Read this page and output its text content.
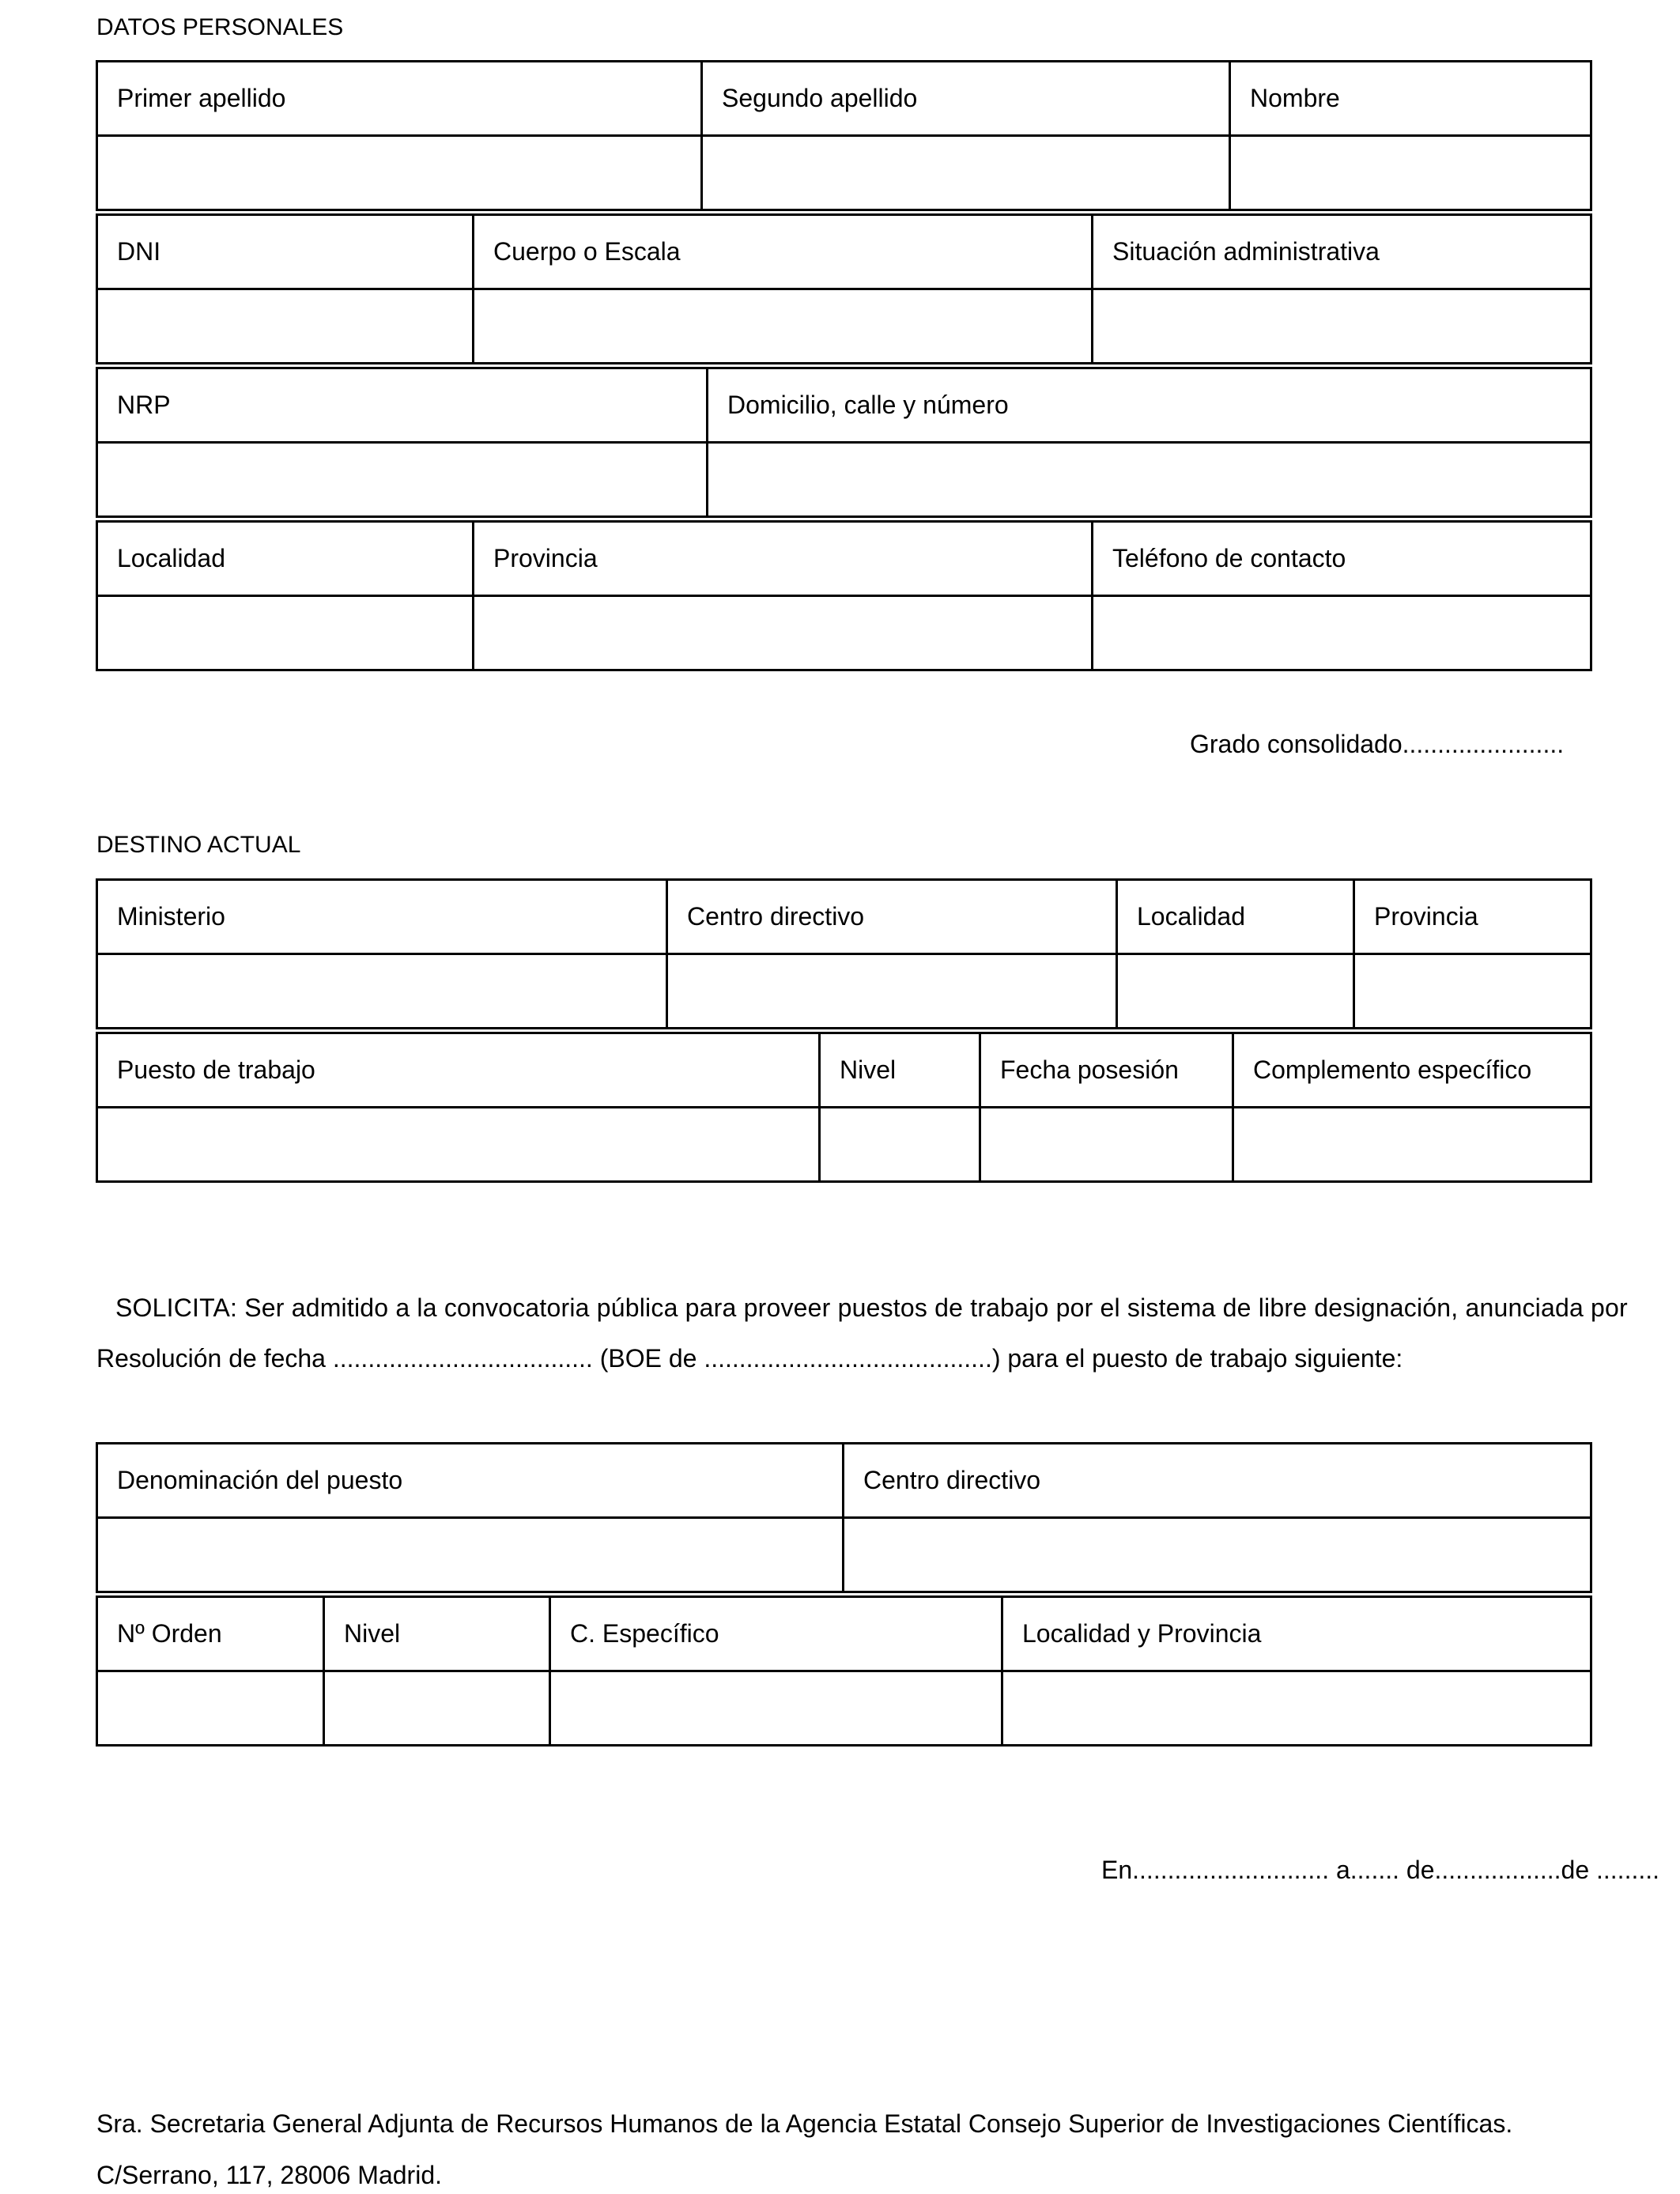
DATOS PERSONALES
Primer apellido	Segundo apellido	Nombre

DNI	Cuerpo o Escala	Situación administrativa

NRP	Domicilio, calle y número

Localidad	Provincia	Teléfono de contacto

Grado consolidado.......................
DESTINO ACTUAL
Ministerio	Centro directivo	Localidad	Provincia

Puesto de trabajo	Nivel	Fecha posesión	Complemento específico

SOLICITA: Ser admitido a la convocatoria pública para proveer puestos de trabajo por el sistema de libre designación, anunciada por
Resolución de fecha ..................................... (BOE de .........................................) para el puesto de trabajo siguiente:
Denominación del puesto	Centro directivo

Nº Orden	Nivel	C. Específico	Localidad y Provincia

En............................ a....... de..................de .........
Sra. Secretaria General Adjunta de Recursos Humanos de la Agencia Estatal Consejo Superior de Investigaciones Científicas.
C/Serrano, 117, 28006 Madrid.
